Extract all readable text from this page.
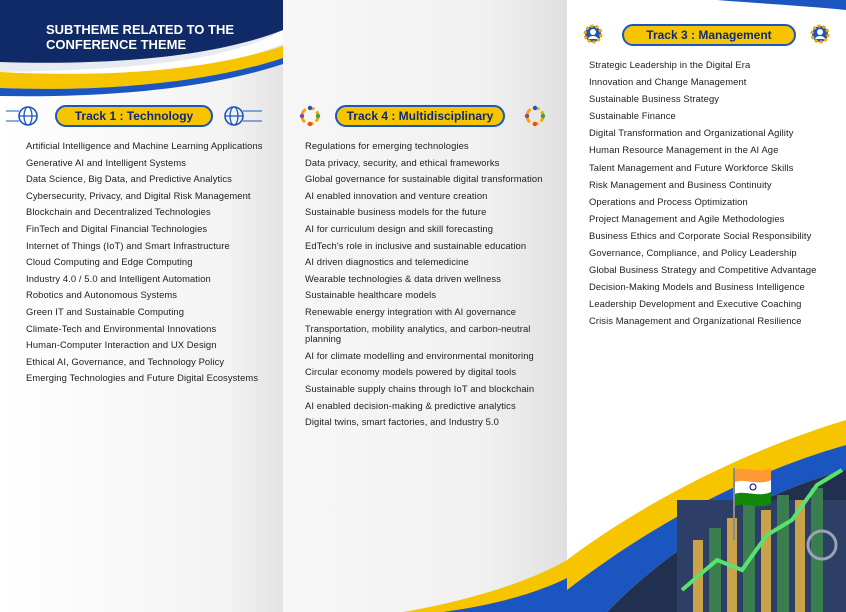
SUBTHEME RELATED TO THE
CONFERENCE THEME
Track 1 : Technology
Artificial Intelligence and Machine Learning Applications
Generative AI and Intelligent Systems
Data Science, Big Data, and Predictive Analytics
Cybersecurity, Privacy, and Digital Risk Management
Blockchain and Decentralized Technologies
FinTech and Digital Financial Technologies
Internet of Things (IoT) and Smart Infrastructure
Cloud Computing and Edge Computing
Industry 4.0 / 5.0 and Intelligent Automation
Robotics and Autonomous Systems
Green IT and Sustainable Computing
Climate-Tech and Environmental Innovations
Human-Computer Interaction and UX Design
Ethical AI, Governance, and Technology Policy
Emerging Technologies and Future Digital Ecosystems
Track 4 : Multidisciplinary
Regulations for emerging technologies
Data privacy, security, and ethical frameworks
Global governance for sustainable digital transformation
AI enabled innovation and venture creation
Sustainable business models for the future
AI for curriculum design and skill forecasting
EdTech's role in inclusive and sustainable education
AI driven diagnostics and telemedicine
Wearable technologies & data driven wellness
Sustainable healthcare models
Renewable energy integration with AI governance
Transportation, mobility analytics, and carbon-neutral planning
AI for climate modelling and environmental monitoring
Circular economy models powered by digital tools
Sustainable supply chains through IoT and blockchain
AI enabled decision-making & predictive analytics
Digital twins, smart factories, and Industry 5.0
Track 3 : Management
Strategic Leadership in the Digital Era
Innovation and Change Management
Sustainable Business Strategy
Sustainable Finance
Digital Transformation and Organizational Agility
Human Resource Management in the AI Age
Talent Management and Future Workforce Skills
Risk Management and Business Continuity
Operations and Process Optimization
Project Management and Agile Methodologies
Business Ethics and Corporate Social Responsibility
Governance, Compliance, and Policy Leadership
Global Business Strategy and Competitive Advantage
Decision-Making Models and Business Intelligence
Leadership Development and Executive Coaching
Crisis Management and Organizational Resilience
